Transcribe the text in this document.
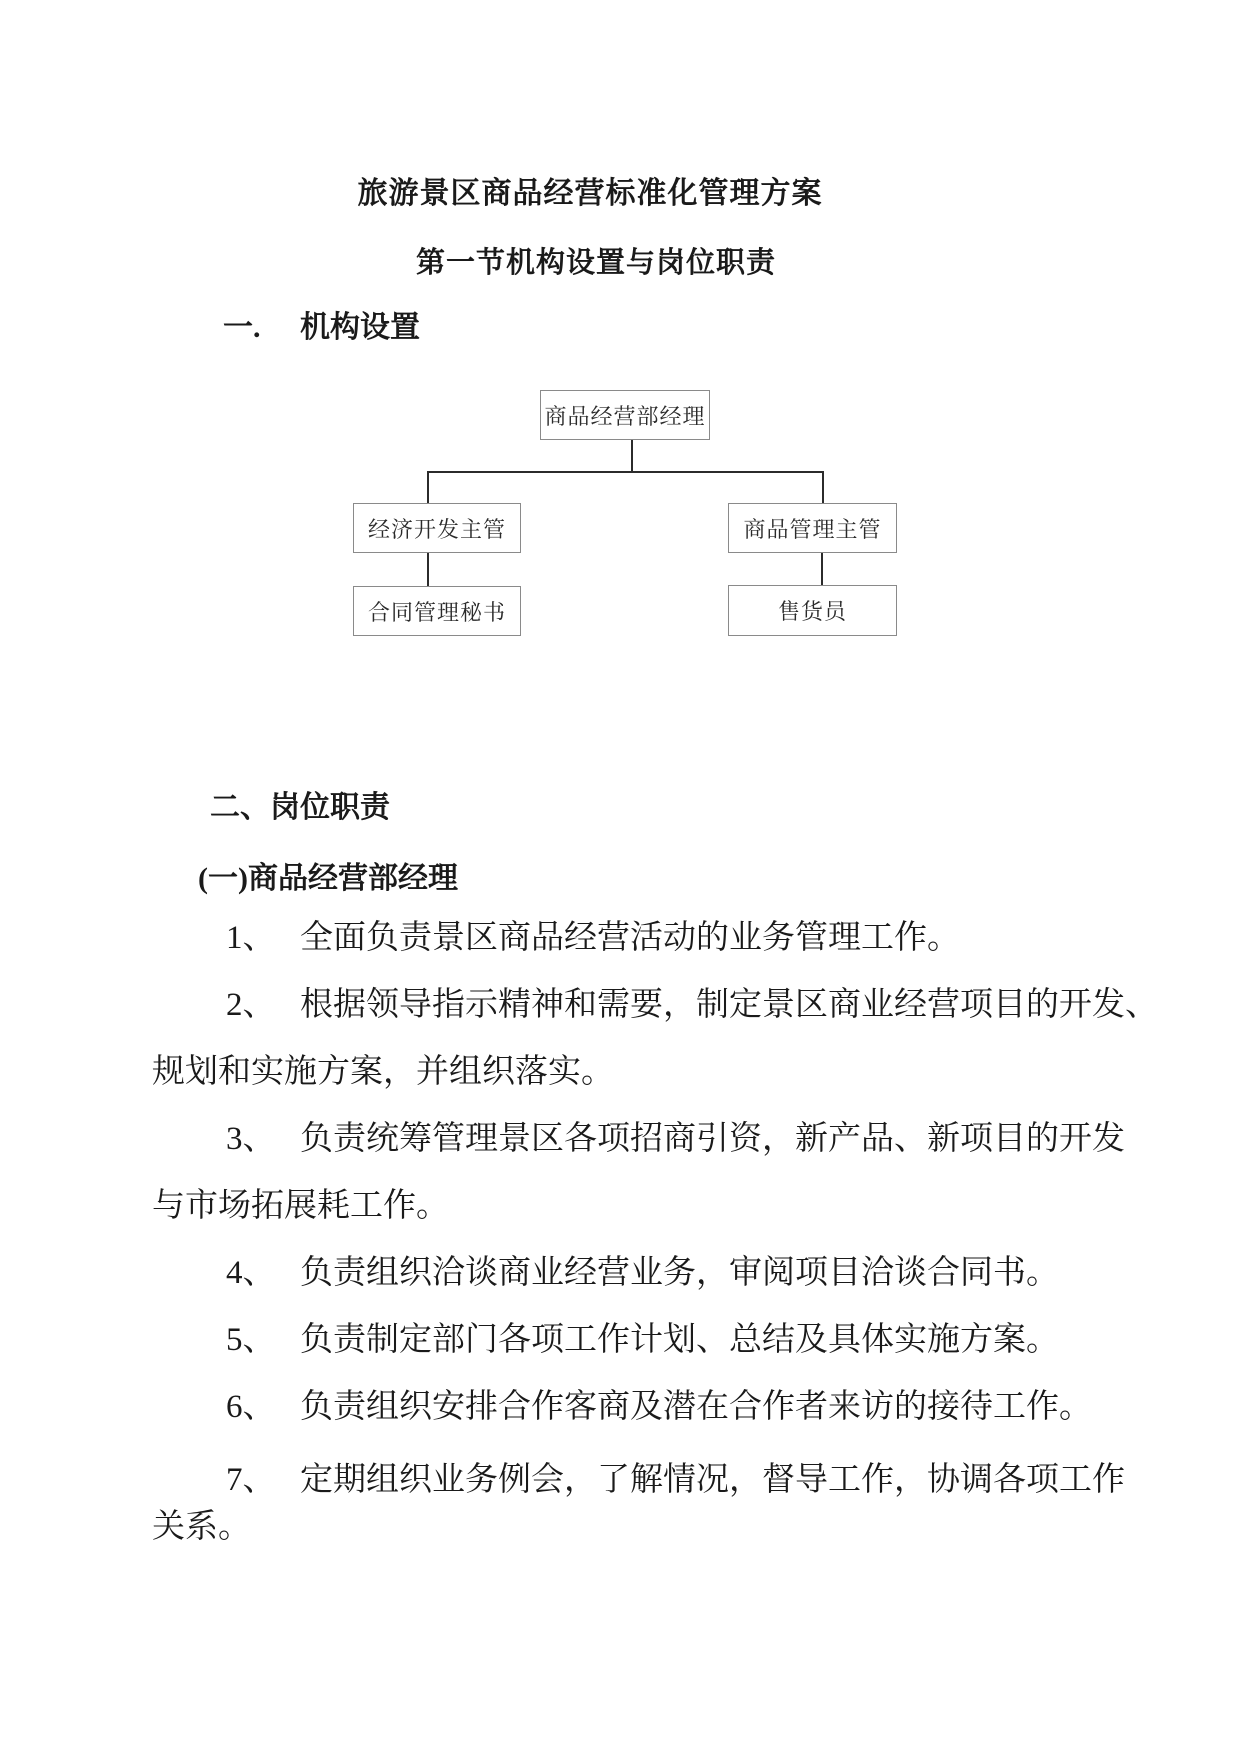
旅游景区商品经营标准化管理方案
第一节机构设置与岗位职责
一. 机构设置
商品经营部经理
经济开发主管	商品管理主管
合同管理秘书	售货员
二、岗位职责
(一)商品经营部经理

1、 全面负责景区商品经营活动的业务管理工作。

2、 根据领导指示精神和需要，制定景区商业经营项目的开发、
规划和实施方案，并组织落实。

3、 负责统筹管理景区各项招商引资，新产品、新项目的开发
与市场拓展耗工作。

4、 负责组织洽谈商业经营业务，审阅项目洽谈合同书。

5、 负责制定部门各项工作计划、总结及具体实施方案。

6、 负责组织安排合作客商及潜在合作者来访的接待工作。

7、 定期组织业务例会，了解情况，督导工作，协调各项工作
关系。
